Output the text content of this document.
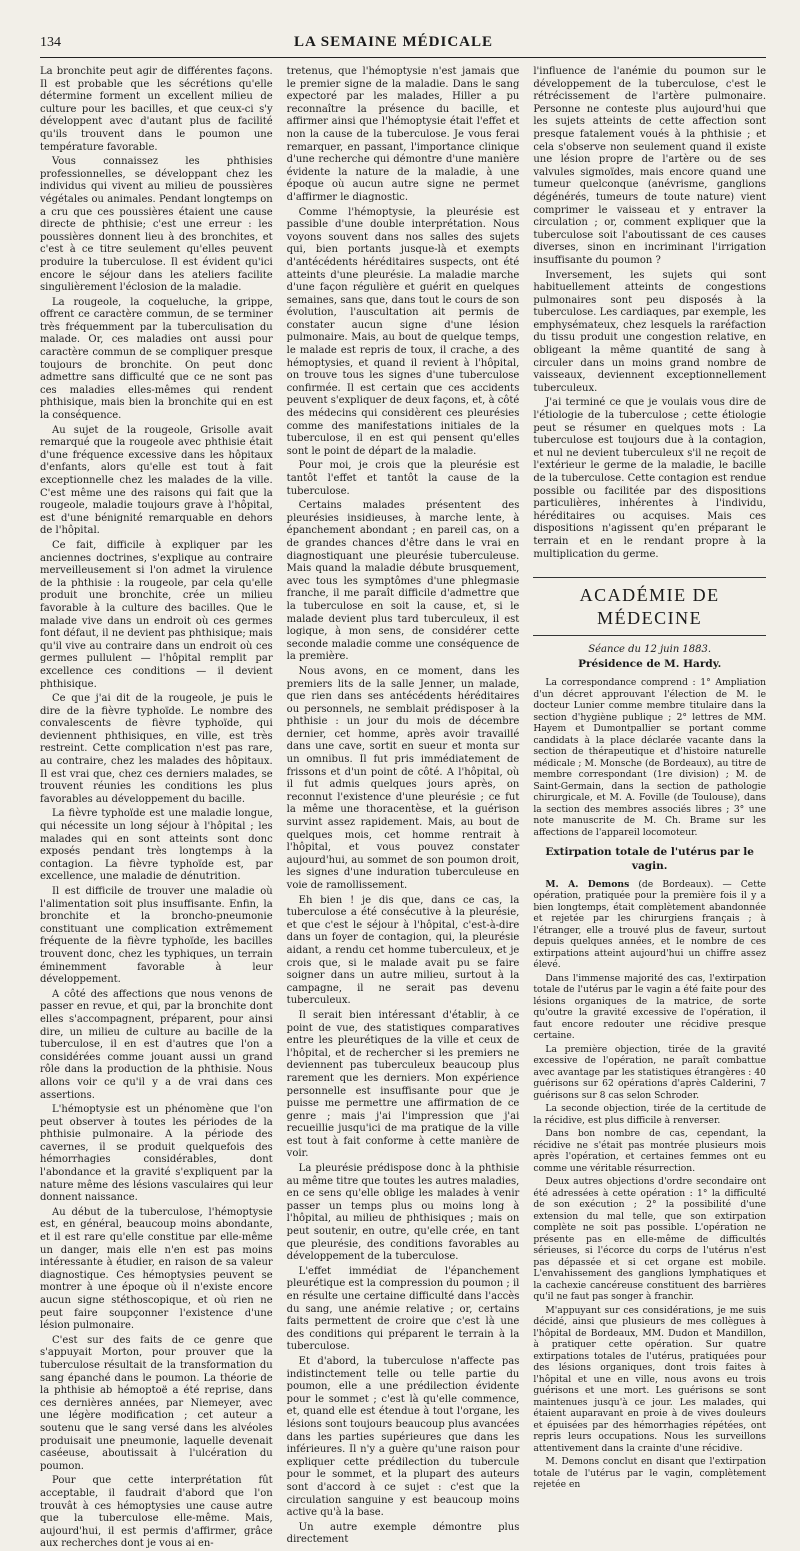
134	LA SEMAINE MÉDICALE

La bronchite peut agir de différentes façons. Il est probable que les sécrétions qu'elle détermine forment un excellent milieu de culture pour les bacilles, et que ceux-ci s'y développent avec d'autant plus de facilité qu'ils trouvent dans le poumon une température favorable.

Vous connaissez les phthisies professionnelles, se développant chez les individus qui vivent au milieu de poussières végétales ou animales. Pendant longtemps on a cru que ces poussières étaient une cause directe de phthisie; c'est une erreur : les poussières donnent lieu à des bronchites, et c'est à ce titre seulement qu'elles peuvent produire la tuberculose. Il est évident qu'ici encore le séjour dans les ateliers facilite singulièrement l'éclosion de la maladie.

La rougeole, la coqueluche, la grippe, offrent ce caractère commun, de se terminer très fréquemment par la tuberculisation du malade. Or, ces maladies ont aussi pour caractère commun de se compliquer presque toujours de bronchite. On peut donc admettre sans difficulté que ce ne sont pas ces maladies elles-mêmes qui rendent phthisique, mais bien la bronchite qui en est la conséquence.

Au sujet de la rougeole, Grisolle avait remarqué que la rougeole avec phthisie était d'une fréquence excessive dans les hôpitaux d'enfants, alors qu'elle est tout à fait exceptionnelle chez les malades de la ville. C'est même une des raisons qui fait que la rougeole, maladie toujours grave à l'hôpital, est d'une bénignité remarquable en dehors de l'hôpital.

Ce fait, difficile à expliquer par les anciennes doctrines, s'explique au contraire merveilleusement si l'on admet la virulence de la phthisie : la rougeole, par cela qu'elle produit une bronchite, crée un milieu favorable à la culture des bacilles. Que le malade vive dans un endroit où ces germes font défaut, il ne devient pas phthisique; mais qu'il vive au contraire dans un endroit où ces germes pullulent — l'hôpital remplit par excellence ces conditions — il devient phthisique.

Ce que j'ai dit de la rougeole, je puis le dire de la fièvre typhoïde. Le nombre des convalescents de fièvre typhoïde, qui deviennent phthisiques, en ville, est très restreint. Cette complication n'est pas rare, au contraire, chez les malades des hôpitaux. Il est vrai que, chez ces derniers malades, se trouvent réunies les conditions les plus favorables au développement du bacille.

La fièvre typhoïde est une maladie longue, qui nécessite un long séjour à l'hôpital ; les malades qui en sont atteints sont donc exposés pendant très longtemps à la contagion. La fièvre typhoïde est, par excellence, une maladie de dénutrition.

Il est difficile de trouver une maladie où l'alimentation soit plus insuffisante. Enfin, la bronchite et la broncho-pneumonie constituant une complication extrêmement fréquente de la fièvre typhoïde, les bacilles trouvent donc, chez les typhiques, un terrain éminemment favorable à leur développement.

A côté des affections que nous venons de passer en revue, et qui, par la bronchite dont elles s'accompagnent, préparent, pour ainsi dire, un milieu de culture au bacille de la tuberculose, il en est d'autres que l'on a considérées comme jouant aussi un grand rôle dans la production de la phthisie. Nous allons voir ce qu'il y a de vrai dans ces assertions.

L'hémoptysie est un phénomène que l'on peut observer à toutes les périodes de la phthisie pulmonaire. A la période des cavernes, il se produit quelquefois des hémorrhagies considérables, dont l'abondance et la gravité s'expliquent par la nature même des lésions vasculaires qui leur donnent naissance.

Au début de la tuberculose, l'hémoptysie est, en général, beaucoup moins abondante, et il est rare qu'elle constitue par elle-même un danger, mais elle n'en est pas moins intéressante à étudier, en raison de sa valeur diagnostique. Ces hémoptysies peuvent se montrer à une époque où il n'existe encore aucun signe stéthoscopique, et où rien ne peut faire soupçonner l'existence d'une lésion pulmonaire.

C'est sur des faits de ce genre que s'appuyait Morton, pour prouver que la tuberculose résultait de la transformation du sang épanché dans le poumon. La théorie de la phthisie ab hémoptoë a été reprise, dans ces dernières années, par Niemeyer, avec une légère modification ; cet auteur a soutenu que le sang versé dans les alvéoles produisait une pneumonie, laquelle devenait caséeuse, aboutissait à l'ulcération du poumon.

Pour que cette interprétation fût acceptable, il faudrait d'abord que l'on trouvât à ces hémoptysies une cause autre que la tuberculose elle-même. Mais, aujourd'hui, il est permis d'affirmer, grâce aux recherches dont je vous ai en-

tretenus, que l'hémoptysie n'est jamais que le premier signe de la maladie. Dans le sang expectoré par les malades, Hiller a pu reconnaître la présence du bacille, et affirmer ainsi que l'hémoptysie était l'effet et non la cause de la tuberculose. Je vous ferai remarquer, en passant, l'importance clinique d'une recherche qui démontre d'une manière évidente la nature de la maladie, à une époque où aucun autre signe ne permet d'affirmer le diagnostic.

Comme l'hémoptysie, la pleurésie est passible d'une double interprétation. Nous voyons souvent dans nos salles des sujets qui, bien portants jusque-là et exempts d'antécédents héréditaires suspects, ont été atteints d'une pleurésie. La maladie marche d'une façon régulière et guérit en quelques semaines, sans que, dans tout le cours de son évolution, l'auscultation ait permis de constater aucun signe d'une lésion pulmonaire. Mais, au bout de quelque temps, le malade est repris de toux, il crache, a des hémoptysies, et quand il revient à l'hôpital, on trouve tous les signes d'une tuberculose confirmée. Il est certain que ces accidents peuvent s'expliquer de deux façons, et, à côté des médecins qui considèrent ces pleurésies comme des manifestations initiales de la tuberculose, il en est qui pensent qu'elles sont le point de départ de la maladie.

Pour moi, je crois que la pleurésie est tantôt l'effet et tantôt la cause de la tuberculose.

Certains malades présentent des pleurésies insidieuses, à marche lente, à épanchement abondant ; en pareil cas, on a de grandes chances d'être dans le vrai en diagnostiquant une pleurésie tuberculeuse. Mais quand la maladie débute brusquement, avec tous les symptômes d'une phlegmasie franche, il me paraît difficile d'admettre que la tuberculose en soit la cause, et, si le malade devient plus tard tuberculeux, il est logique, à mon sens, de considérer cette seconde maladie comme une conséquence de la première.

Nous avons, en ce moment, dans les premiers lits de la salle Jenner, un malade, que rien dans ses antécédents héréditaires ou personnels, ne semblait prédisposer à la phthisie : un jour du mois de décembre dernier, cet homme, après avoir travaillé dans une cave, sortit en sueur et monta sur un omnibus. Il fut pris immédiatement de frissons et d'un point de côté. A l'hôpital, où il fut admis quelques jours après, on reconnut l'existence d'une pleurésie ; ce fut la même une thoracentèse, et la guérison survint assez rapidement. Mais, au bout de quelques mois, cet homme rentrait à l'hôpital, et vous pouvez constater aujourd'hui, au sommet de son poumon droit, les signes d'une induration tuberculeuse en voie de ramollissement.

Eh bien ! je dis que, dans ce cas, la tuberculose a été consécutive à la pleurésie, et que c'est le séjour à l'hôpital, c'est-à-dire dans un foyer de contagion, qui, la pleurésie aidant, a rendu cet homme tuberculeux, et je crois que, si le malade avait pu se faire soigner dans un autre milieu, surtout à la campagne, il ne serait pas devenu tuberculeux.

Il serait bien intéressant d'établir, à ce point de vue, des statistiques comparatives entre les pleurétiques de la ville et ceux de l'hôpital, et de rechercher si les premiers ne deviennent pas tuberculeux beaucoup plus rarement que les derniers. Mon expérience personnelle est insuffisante pour que je puisse me permettre une affirmation de ce genre ; mais j'ai l'impression que j'ai recueillie jusqu'ici de ma pratique de la ville est tout à fait conforme à cette manière de voir.

La pleurésie prédispose donc à la phthisie au même titre que toutes les autres maladies, en ce sens qu'elle oblige les malades à venir passer un temps plus ou moins long à l'hôpital, au milieu de phthisiques ; mais on peut soutenir, en outre, qu'elle crée, en tant que pleurésie, des conditions favorables au développement de la tuberculose.

L'effet immédiat de l'épanchement pleurétique est la compression du poumon ; il en résulte une certaine difficulté dans l'accès du sang, une anémie relative ; or, certains faits permettent de croire que c'est là une des conditions qui préparent le terrain à la tuberculose.

Et d'abord, la tuberculose n'affecte pas indistinctement telle ou telle partie du poumon, elle a une prédilection évidente pour le sommet ; c'est là qu'elle commence, et, quand elle est étendue à tout l'organe, les lésions sont toujours beaucoup plus avancées dans les parties supérieures que dans les inférieures. Il n'y a guère qu'une raison pour expliquer cette prédilection du tubercule pour le sommet, et la plupart des auteurs sont d'accord à ce sujet : c'est que la circulation sanguine y est beaucoup moins active qu'à la base.

Un autre exemple démontre plus directement

l'influence de l'anémie du poumon sur le développement de la tuberculose, c'est le rétrécissement de l'artère pulmonaire. Personne ne conteste plus aujourd'hui que les sujets atteints de cette affection sont presque fatalement voués à la phthisie ; et cela s'observe non seulement quand il existe une lésion propre de l'artère ou de ses valvules sigmoïdes, mais encore quand une tumeur quelconque (anévrisme, ganglions dégénérés, tumeurs de toute nature) vient comprimer le vaisseau et y entraver la circulation ; or, comment expliquer que la tuberculose soit l'aboutissant de ces causes diverses, sinon en incriminant l'irrigation insuffisante du poumon ?

Inversement, les sujets qui sont habituellement atteints de congestions pulmonaires sont peu disposés à la tuberculose. Les cardiaques, par exemple, les emphysémateux, chez lesquels la raréfaction du tissu produit une congestion relative, en obligeant la même quantité de sang à circuler dans un moins grand nombre de vaisseaux, deviennent exceptionnellement tuberculeux.

J'ai terminé ce que je voulais vous dire de l'étiologie de la tuberculose ; cette étiologie peut se résumer en quelques mots : La tuberculose est toujours due à la contagion, et nul ne devient tuberculeux s'il ne reçoit de l'extérieur le germe de la maladie, le bacille de la tuberculose. Cette contagion est rendue possible ou facilitée par des dispositions particulières, inhérentes à l'individu, héréditaires ou acquises. Mais ces dispositions n'agissent qu'en préparant le terrain et en le rendant propre à la multiplication du germe.

ACADÉMIE DE MÉDECINE
Séance du 12 juin 1883.
Présidence de M. Hardy.

La correspondance comprend : 1° Ampliation d'un décret approuvant l'élection de M. le docteur Lunier comme membre titulaire dans la section d'hygiène publique ; 2° lettres de MM. Hayem et Dumontpallier se portant comme candidats à la place déclarée vacante dans la section de thérapeutique et d'histoire naturelle médicale ; M. Monsche (de Bordeaux), au titre de membre correspondant (1re division) ; M. de Saint-Germain, dans la section de pathologie chirurgicale, et M. A. Foville (de Toulouse), dans la section des membres associés libres ; 3° une note manuscrite de M. Ch. Brame sur les affections de l'appareil locomoteur.

Extirpation totale de l'utérus par le vagin.

M. A. Demons (de Bordeaux). — Cette opération, pratiquée pour la première fois il y a bien longtemps, était complètement abandonnée et rejetée par les chirurgiens français ; à l'étranger, elle a trouvé plus de faveur, surtout depuis quelques années, et le nombre de ces extirpations atteint aujourd'hui un chiffre assez élevé.

Dans l'immense majorité des cas, l'extirpation totale de l'utérus par le vagin a été faite pour des lésions organiques de la matrice, de sorte qu'outre la gravité excessive de l'opération, il faut encore redouter une récidive presque certaine.

La première objection, tirée de la gravité excessive de l'opération, ne paraît combattue avec avantage par les statistiques étrangères : 40 guérisons sur 62 opérations d'après Calderini, 7 guérisons sur 8 cas selon Schroder.

La seconde objection, tirée de la certitude de la récidive, est plus difficile à renverser.

Dans bon nombre de cas, cependant, la récidive ne s'était pas montrée plusieurs mois après l'opération, et certaines femmes ont eu comme une véritable résurrection.

Deux autres objections d'ordre secondaire ont été adressées à cette opération : 1° la difficulté de son exécution ; 2° la possibilité d'une extension du mal telle, que son extirpation complète ne soit pas possible. L'opération ne présente pas en elle-même de difficultés sérieuses, si l'écorce du corps de l'utérus n'est pas dépassée et si cet organe est mobile. L'envahissement des ganglions lymphatiques et la cachexie cancéreuse constituent des barrières qu'il ne faut pas songer à franchir.

M'appuyant sur ces considérations, je me suis décidé, ainsi que plusieurs de mes collègues à l'hôpital de Bordeaux, MM. Dudon et Mandillon, à pratiquer cette opération. Sur quatre extirpations totales de l'utérus, pratiquées pour des lésions organiques, dont trois faites à l'hôpital et une en ville, nous avons eu trois guérisons et une mort. Les guérisons se sont maintenues jusqu'à ce jour. Les malades, qui étaient auparavant en proie à de vives douleurs et épuisées par des hémorrhagies répétées, ont repris leurs occupations. Nous les surveillons attentivement dans la crainte d'une récidive.

M. Demons conclut en disant que l'extirpation totale de l'utérus par le vagin, complètement rejetée en
